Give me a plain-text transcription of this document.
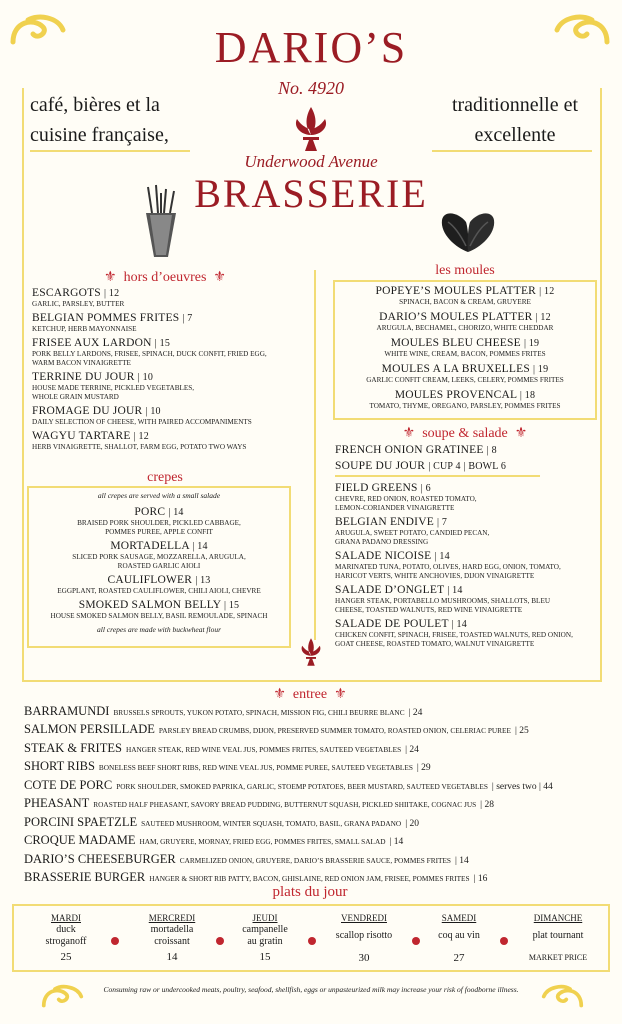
DARIO’S
No. 4920
Underwood Avenue
BRASSERIE
café, bières et la
cuisine française,
traditionnelle et
excellente
⚜ hors d’oeuvres ⚜
ESCARGOTS | 12
GARLIC, PARSLEY, BUTTER
BELGIAN POMMES FRITES | 7
KETCHUP, HERB MAYONNAISE
FRISEE AUX LARDON | 15
PORK BELLY LARDONS, FRISEE, SPINACH, DUCK CONFIT, FRIED EGG,
WARM BACON VINAIGRETTE
TERRINE DU JOUR | 10
HOUSE MADE TERRINE, PICKLED VEGETABLES,
WHOLE GRAIN MUSTARD
FROMAGE DU JOUR | 10
DAILY SELECTION OF CHEESE, WITH PAIRED ACCOMPANIMENTS
WAGYU TARTARE | 12
HERB VINAIGRETTE, SHALLOT, FARM EGG, POTATO TWO WAYS
crepes
all crepes are served with a small salade
PORC | 14
BRAISED PORK SHOULDER, PICKLED CABBAGE,
POMMES PUREE, APPLE CONFIT
MORTADELLA | 14
SLICED PORK SAUSAGE, MOZZARELLA, ARUGULA,
ROASTED GARLIC AIOLI
CAULIFLOWER | 13
EGGPLANT, ROASTED CAULIFLOWER, CHILI AIOLI, CHEVRE
SMOKED SALMON BELLY | 15
HOUSE SMOKED SALMON BELLY, BASIL REMOULADE, SPINACH
all crepes are made with buckwheat flour
les moules
POPEYE’S MOULES PLATTER | 12
SPINACH, BACON & CREAM, GRUYERE
DARIO’S MOULES PLATTER | 12
ARUGULA, BECHAMEL, CHORIZO, WHITE CHEDDAR
MOULES BLEU CHEESE | 19
WHITE WINE, CREAM, BACON, POMMES FRITES
MOULES A LA BRUXELLES | 19
GARLIC CONFIT CREAM, LEEKS, CELERY, POMMES FRITES
MOULES PROVENCAL | 18
TOMATO, THYME, OREGANO, PARSLEY, POMMES FRITES
⚜ soupe & salade ⚜
FRENCH ONION GRATINEE | 8
SOUPE DU JOUR | CUP 4 | BOWL 6
FIELD GREENS | 6
CHEVRE, RED ONION, ROASTED TOMATO,
LEMON-CORIANDER VINAIGRETTE
BELGIAN ENDIVE | 7
ARUGULA, SWEET POTATO, CANDIED PECAN,
GRANA PADANO DRESSING
SALADE NICOISE | 14
MARINATED TUNA, POTATO, OLIVES, HARD EGG, ONION, TOMATO,
HARICOT VERTS, WHITE ANCHOVIES, DIJON VINAIGRETTE
SALADE D’ONGLET | 14
HANGER STEAK, PORTABELLO MUSHROOMS, SHALLOTS, BLEU
CHEESE, TOASTED WALNUTS, RED WINE VINAIGRETTE
SALADE DE POULET | 14
CHICKEN CONFIT, SPINACH, FRISEE, TOASTED WALNUTS, RED ONION,
GOAT CHEESE, ROASTED TOMATO, WALNUT VINAIGRETTE
⚜ entree ⚜
BARRAMUNDI BRUSSELS SPROUTS, YUKON POTATO, SPINACH, MISSION FIG, CHILI BEURRE BLANC | 24
SALMON PERSILLADE PARSLEY BREAD CRUMBS, DIJON, PRESERVED SUMMER TOMATO, ROASTED ONION, CELERIAC PUREE | 25
STEAK & FRITES HANGER STEAK, RED WINE VEAL JUS, POMMES FRITES, SAUTEED VEGETABLES | 24
SHORT RIBS BONELESS BEEF SHORT RIBS, RED WINE VEAL JUS, POMME PUREE, SAUTEED VEGETABLES | 29
COTE DE PORC PORK SHOULDER, SMOKED PAPRIKA, GARLIC, STOEMP POTATOES, BEER MUSTARD, SAUTEED VEGETABLES | serves two | 44
PHEASANT ROASTED HALF PHEASANT, SAVORY BREAD PUDDING, BUTTERNUT SQUASH, PICKLED SHIITAKE, COGNAC JUS | 28
PORCINI SPAETZLE SAUTEED MUSHROOM, WINTER SQUASH, TOMATO, BASIL, GRANA PADANO | 20
CROQUE MADAME HAM, GRUYERE, MORNAY, FRIED EGG, POMMES FRITES, SMALL SALAD | 14
DARIO’S CHEESEBURGER CARMELIZED ONION, GRUYERE, DARIO’S BRASSERIE SAUCE, POMMES FRITES | 14
BRASSERIE BURGER HANGER & SHORT RIB PATTY, BACON, GHISLAINE, RED ONION JAM, FRISEE, POMMES FRITES | 16
plats du jour
MARDI
duck
stroganoff
25
MERCREDI
mortadella
croissant
14
JEUDI
campanelle
au gratin
15
VENDREDI
scallop risotto
30
SAMEDI
coq au vin
27
DIMANCHE
plat tournant
MARKET PRICE
Consuming raw or undercooked meats, poultry, seafood, shellfish, eggs or unpasteurized milk may increase your risk of foodborne illness.
